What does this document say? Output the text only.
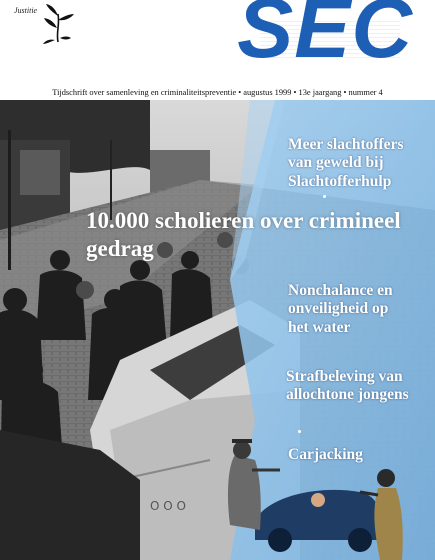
Justitie SEC
Tijdschrift over samenleving en criminaliteitspreventie • augustus 1999 • 13e jaargang • nummer 4
O O O
Meer slachtoffers van geweld bij Slachtofferhulp
10.000 scholieren over crimineel gedrag
Nonchalance en onveiligheid op het water
Strafbeleving van allochtone jongens
Carjacking
